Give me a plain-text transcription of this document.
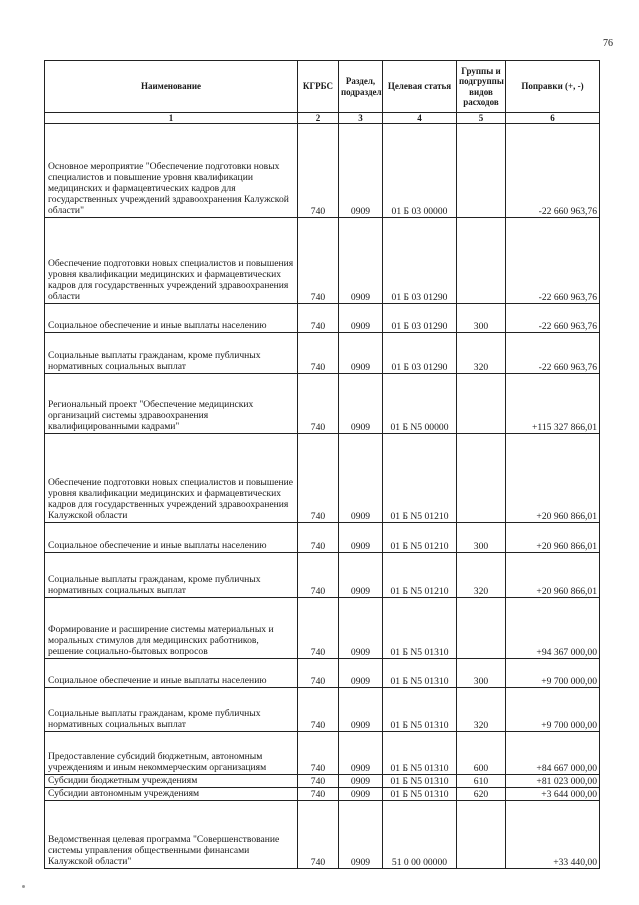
76
Наименование	КГРБС	Раздел, подраздел	Целевая статья	Группы и подгруппы видов расходов	Поправки (+, -)
1	2	3	4	5	6
Основное мероприятие "Обеспечение подготовки новых специалистов и повышение уровня квалификации медицинских и фармацевтических кадров для государственных учреждений здравоохранения Калужской области"	740	0909	01 Б 03 00000		-22 660 963,76
Обеспечение подготовки новых специалистов и повышения уровня квалификации медицинских и фармацевтических кадров для государственных учреждений здравоохранения области	740	0909	01 Б 03 01290		-22 660 963,76
Социальное обеспечение и иные выплаты населению	740	0909	01 Б 03 01290	300	-22 660 963,76
Социальные выплаты гражданам, кроме публичных нормативных социальных выплат	740	0909	01 Б 03 01290	320	-22 660 963,76
Региональный проект "Обеспечение медицинских организаций системы здравоохранения квалифицированными кадрами"	740	0909	01 Б N5 00000		+115 327 866,01
Обеспечение подготовки новых специалистов и повышение уровня квалификации медицинских и фармацевтических кадров для государственных учреждений здравоохранения Калужской области	740	0909	01 Б N5 01210		+20 960 866,01
Социальное обеспечение и иные выплаты населению	740	0909	01 Б N5 01210	300	+20 960 866,01
Социальные выплаты гражданам, кроме публичных нормативных социальных выплат	740	0909	01 Б N5 01210	320	+20 960 866,01
Формирование и расширение системы материальных и моральных стимулов для медицинских работников, решение социально-бытовых вопросов	740	0909	01 Б N5 01310		+94 367 000,00
Социальное обеспечение и иные выплаты населению	740	0909	01 Б N5 01310	300	+9 700 000,00
Социальные выплаты гражданам, кроме публичных нормативных социальных выплат	740	0909	01 Б N5 01310	320	+9 700 000,00
Предоставление субсидий бюджетным, автономным учреждениям и иным некоммерческим организациям	740	0909	01 Б N5 01310	600	+84 667 000,00
Субсидии бюджетным учреждениям	740	0909	01 Б N5 01310	610	+81 023 000,00
Субсидии автономным учреждениям	740	0909	01 Б N5 01310	620	+3 644 000,00
Ведомственная целевая программа "Совершенствование системы управления общественными финансами Калужской области"	740	0909	51 0 00 00000		+33 440,00
